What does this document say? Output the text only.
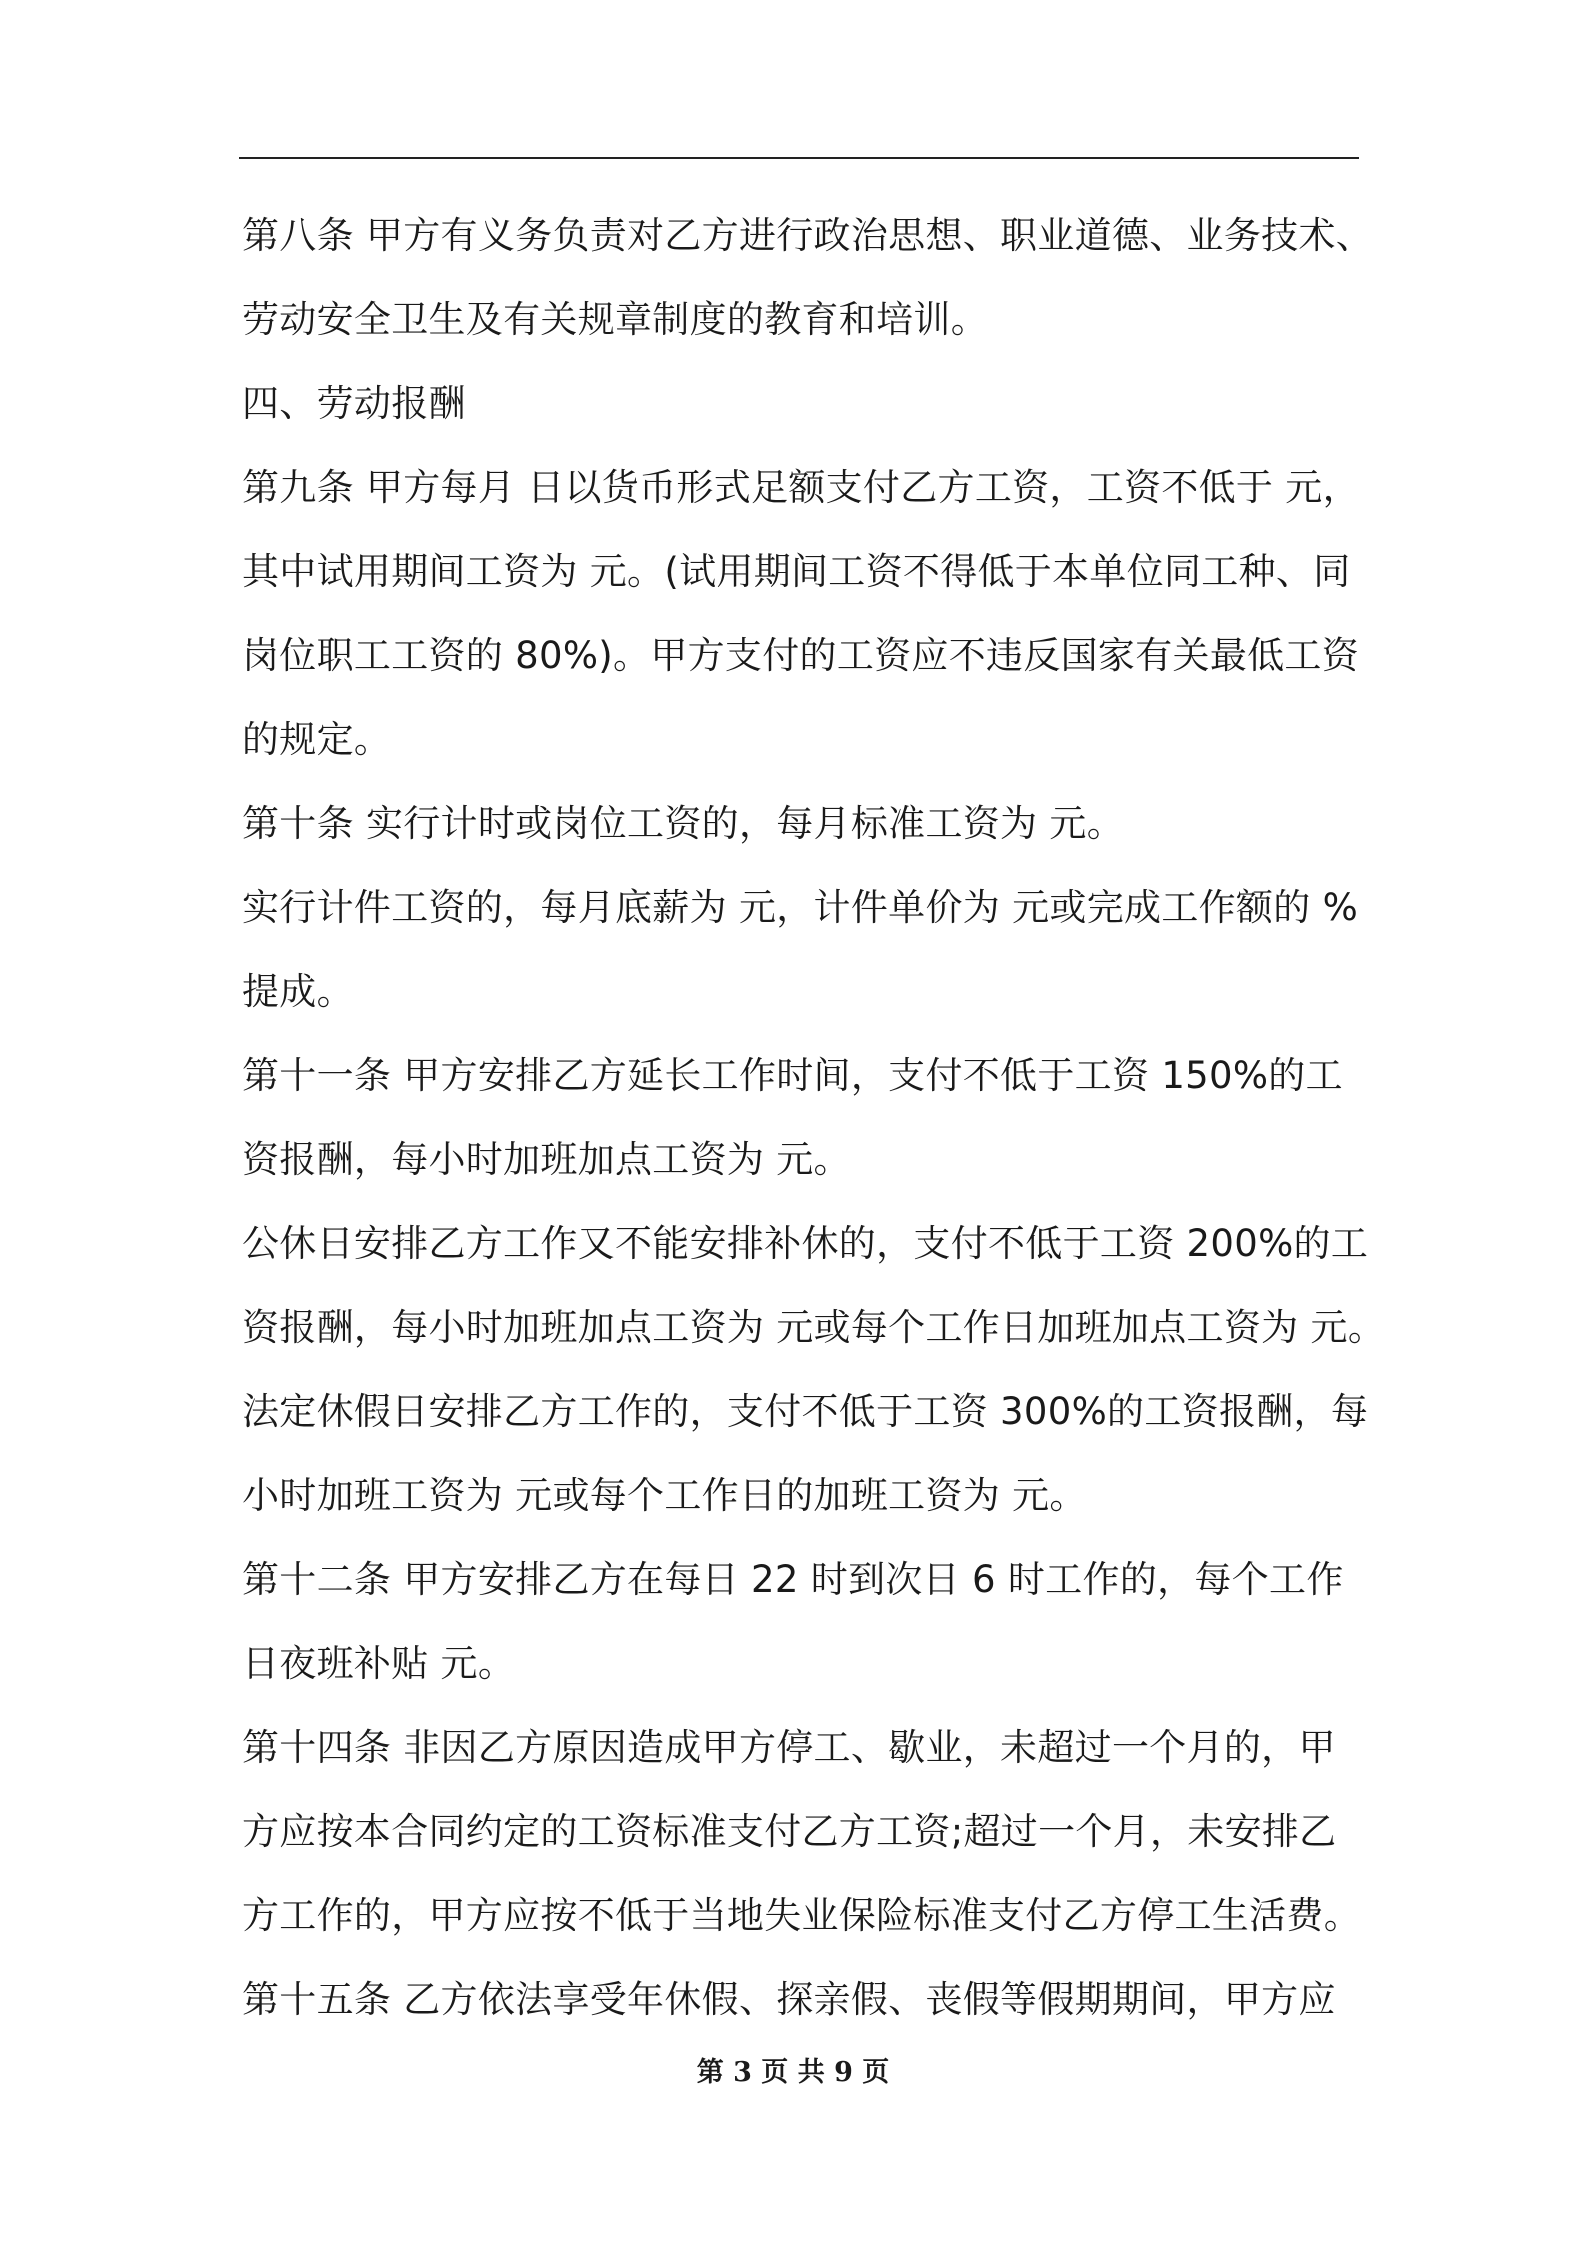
第八条 甲方有义务负责对乙方进行政治思想、职业道德、业务技术、
劳动安全卫生及有关规章制度的教育和培训。
四、劳动报酬
第九条 甲方每月 日以货币形式足额支付乙方工资，工资不低于 元，
其中试用期间工资为 元。(试用期间工资不得低于本单位同工种、同
岗位职工工资的 80%)。甲方支付的工资应不违反国家有关最低工资
的规定。
第十条 实行计时或岗位工资的，每月标准工资为 元。
实行计件工资的，每月底薪为 元，计件单价为 元或完成工作额的 %
提成。
第十一条 甲方安排乙方延长工作时间，支付不低于工资 150%的工
资报酬，每小时加班加点工资为 元。
公休日安排乙方工作又不能安排补休的，支付不低于工资 200%的工
资报酬，每小时加班加点工资为 元或每个工作日加班加点工资为 元。
法定休假日安排乙方工作的，支付不低于工资 300%的工资报酬，每
小时加班工资为 元或每个工作日的加班工资为 元。
第十二条 甲方安排乙方在每日 22 时到次日 6 时工作的，每个工作
日夜班补贴 元。
第十四条 非因乙方原因造成甲方停工、歇业，未超过一个月的，甲
方应按本合同约定的工资标准支付乙方工资;超过一个月，未安排乙
方工作的，甲方应按不低于当地失业保险标准支付乙方停工生活费。
第十五条 乙方依法享受年休假、探亲假、丧假等假期期间，甲方应
第 3 页 共 9 页
